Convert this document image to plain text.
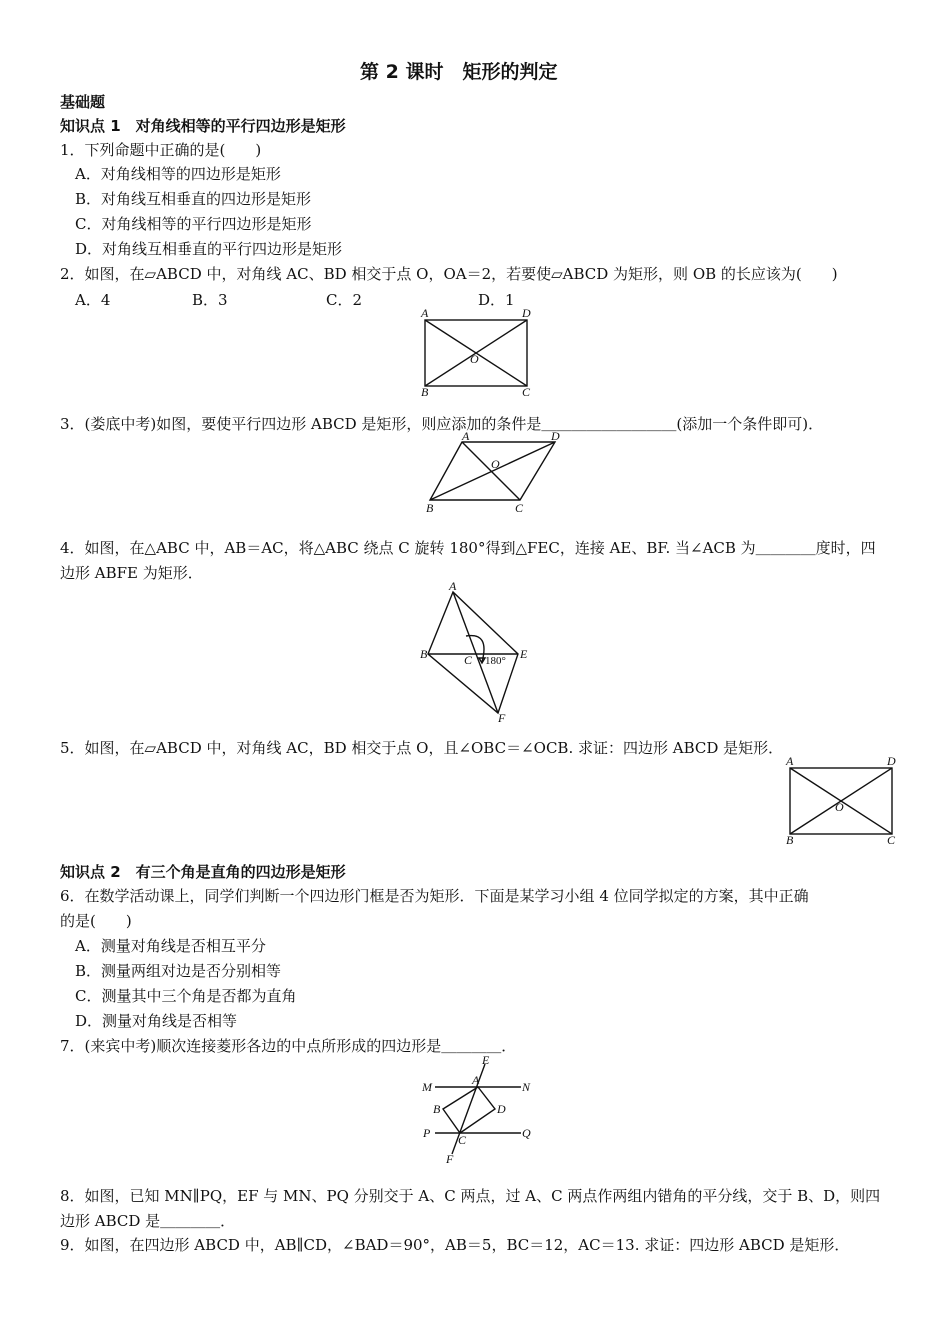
第 2 课时　矩形的判定
基础题
知识点 1　对角线相等的平行四边形是矩形
1．下列命题中正确的是(　　)
A．对角线相等的四边形是矩形
B．对角线互相垂直的四边形是矩形
C．对角线相等的平行四边形是矩形
D．对角线互相垂直的平行四边形是矩形
2．如图，在▱ABCD 中，对角线 AC、BD 相交于点 O，OA＝2，若要使▱ABCD 为矩形，则 OB 的长应该为(　　)
A．4	B．3	C．2	D．1
A	D
O
B	C
3．(娄底中考)如图，要使平行四边形 ABCD 是矩形，则应添加的条件是＿＿＿＿＿＿＿＿＿(添加一个条件即可)．
A	D
O
B	C
4．如图，在△ABC 中，AB＝AC，将△ABC 绕点 C 旋转 180°得到△FEC，连接 AE、BF. 当∠ACB 为＿＿＿＿度时，四
边形 ABFE 为矩形．
A
B	C	E
F
180°
5．如图，在▱ABCD 中，对角线 AC，BD 相交于点 O，且∠OBC＝∠OCB. 求证：四边形 ABCD 是矩形．
A	D
O
B	C
知识点 2　有三个角是直角的四边形是矩形
6．在数学活动课上，同学们判断一个四边形门框是否为矩形．下面是某学习小组 4 位同学拟定的方案，其中正确
的是(　　)
A．测量对角线是否相互平分
B．测量两组对边是否分别相等
C．测量其中三个角是否都为直角
D．测量对角线是否相等
7．(来宾中考)顺次连接菱形各边的中点所形成的四边形是＿＿＿＿．
E
M	A	N
B	D
P C	Q
F
8．如图，已知 MN∥PQ，EF 与 MN、PQ 分别交于 A、C 两点，过 A、C 两点作两组内错角的平分线，交于 B、D，则四
边形 ABCD 是＿＿＿＿．
9．如图，在四边形 ABCD 中，AB∥CD，∠BAD＝90°，AB＝5，BC＝12，AC＝13. 求证：四边形 ABCD 是矩形．
